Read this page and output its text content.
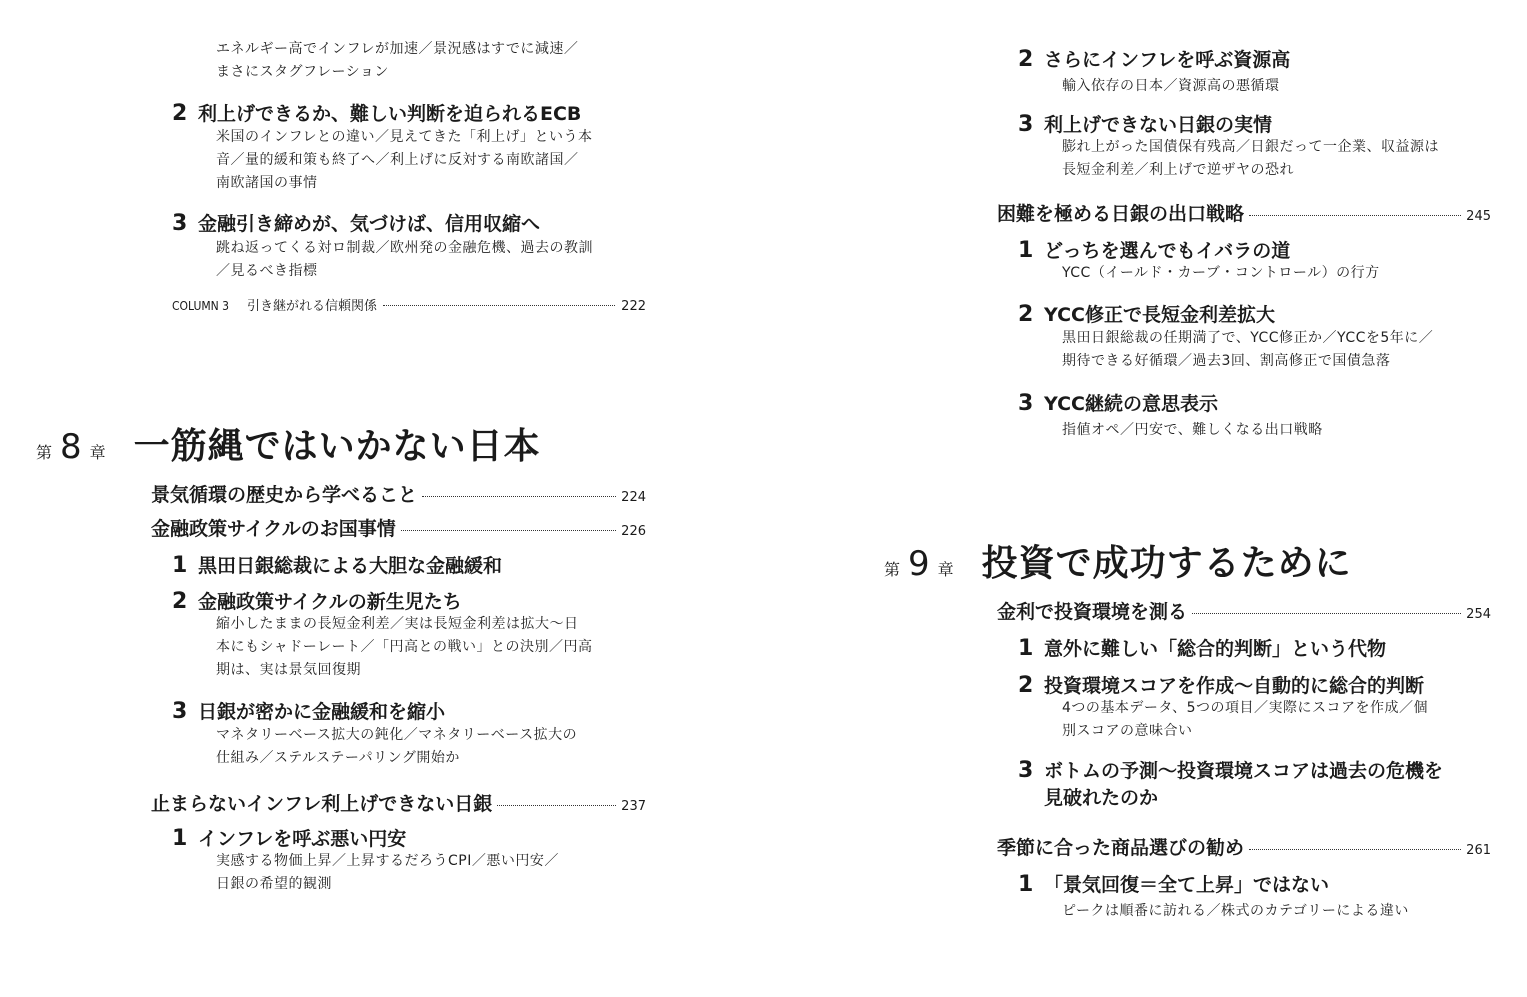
エネルギー高でインフレが加速／景況感はすでに減速／
まさにスタグフレーション
2 利上げできるか、難しい判断を迫られるECB
米国のインフレとの違い／見えてきた「利上げ」という本
音／量的緩和策も終了へ／利上げに反対する南欧諸国／
南欧諸国の事情
3 金融引き締めが、気づけば、信用収縮へ
跳ね返ってくる対ロ制裁／欧州発の金融危機、過去の教訓
／見るべき指標
COLUMN 3 引き継がれる信頼関係	222
第 8 章 一筋縄ではいかない日本
景気循環の歴史から学べること	224
金融政策サイクルのお国事情	226
1 黒田日銀総裁による大胆な金融緩和
2 金融政策サイクルの新生児たち
縮小したままの長短金利差／実は長短金利差は拡大〜日
本にもシャドーレート／「円高との戦い」との決別／円高
期は、実は景気回復期
3 日銀が密かに金融緩和を縮小
マネタリーベース拡大の鈍化／マネタリーベース拡大の
仕組み／ステルステーパリング開始か
止まらないインフレ利上げできない日銀	237
1 インフレを呼ぶ悪い円安
実感する物価上昇／上昇するだろうCPI／悪い円安／
日銀の希望的観測
2 さらにインフレを呼ぶ資源高
輸入依存の日本／資源高の悪循環
3 利上げできない日銀の実情
膨れ上がった国債保有残高／日銀だって一企業、収益源は
長短金利差／利上げで逆ザヤの恐れ
困難を極める日銀の出口戦略	245
1 どっちを選んでもイバラの道
YCC（イールド・カーブ・コントロール）の行方
2 YCC修正で長短金利差拡大
黒田日銀総裁の任期満了で、YCC修正か／YCCを5年に／
期待できる好循環／過去3回、割高修正で国債急落
3 YCC継続の意思表示
指値オペ／円安で、難しくなる出口戦略
第 9 章 投資で成功するために
金利で投資環境を測る	254
1 意外に難しい「総合的判断」という代物
2 投資環境スコアを作成〜自動的に総合的判断
4つの基本データ、5つの項目／実際にスコアを作成／個
別スコアの意味合い
3 ボトムの予測〜投資環境スコアは過去の危機を
見破れたのか
季節に合った商品選びの勧め	261
1 「景気回復＝全て上昇」ではない
ピークは順番に訪れる／株式のカテゴリーによる違い
